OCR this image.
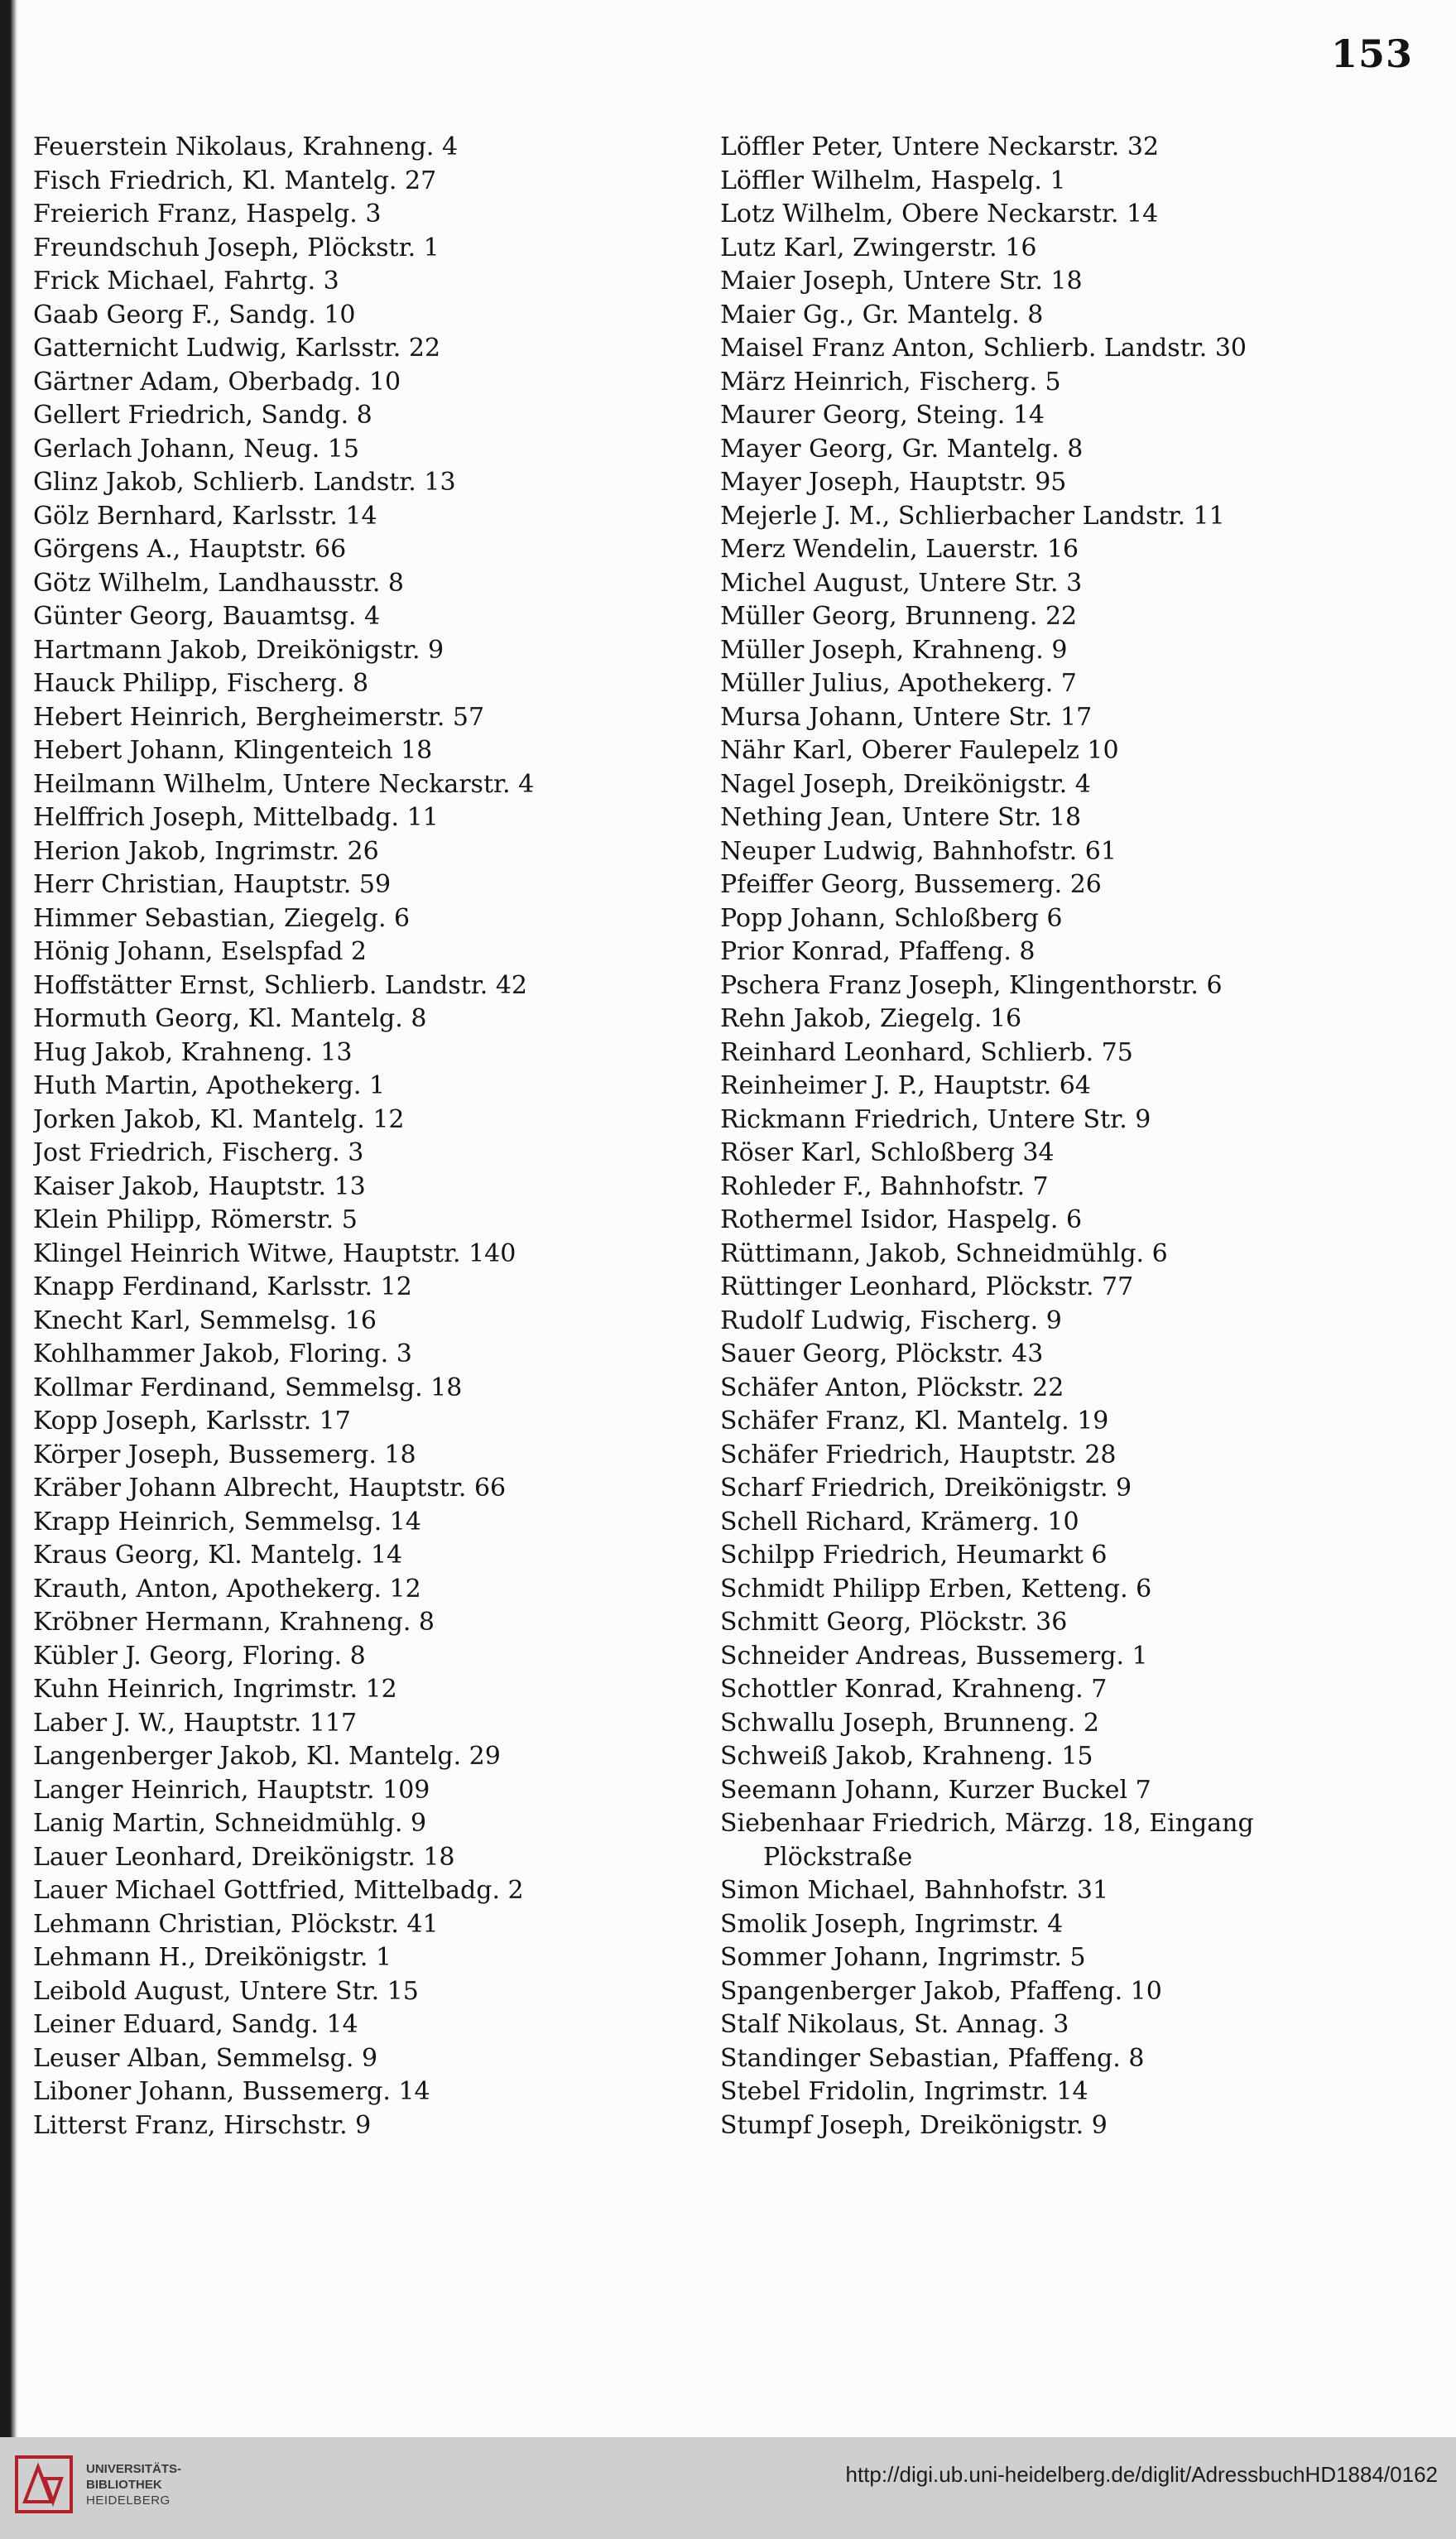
153
Feuerstein Nikolaus, Krahneng. 4
Fisch Friedrich, Kl. Mantelg. 27
Freierich Franz, Haspelg. 3
Freundschuh Joseph, Plöckstr. 1
Frick Michael, Fahrtg. 3
Gaab Georg F., Sandg. 10
Gatternicht Ludwig, Karlsstr. 22
Gärtner Adam, Oberbadg. 10
Gellert Friedrich, Sandg. 8
Gerlach Johann, Neug. 15
Glinz Jakob, Schlierb. Landstr. 13
Gölz Bernhard, Karlsstr. 14
Görgens A., Hauptstr. 66
Götz Wilhelm, Landhausstr. 8
Günter Georg, Bauamtsg. 4
Hartmann Jakob, Dreikönigstr. 9
Hauck Philipp, Fischerg. 8
Hebert Heinrich, Bergheimerstr. 57
Hebert Johann, Klingenteich 18
Heilmann Wilhelm, Untere Neckarstr. 4
Helffrich Joseph, Mittelbadg. 11
Herion Jakob, Ingrimstr. 26
Herr Christian, Hauptstr. 59
Himmer Sebastian, Ziegelg. 6
Hönig Johann, Eselspfad 2
Hoffstätter Ernst, Schlierb. Landstr. 42
Hormuth Georg, Kl. Mantelg. 8
Hug Jakob, Krahneng. 13
Huth Martin, Apothekerg. 1
Jorken Jakob, Kl. Mantelg. 12
Jost Friedrich, Fischerg. 3
Kaiser Jakob, Hauptstr. 13
Klein Philipp, Römerstr. 5
Klingel Heinrich Witwe, Hauptstr. 140
Knapp Ferdinand, Karlsstr. 12
Knecht Karl, Semmelsg. 16
Kohlhammer Jakob, Floring. 3
Kollmar Ferdinand, Semmelsg. 18
Kopp Joseph, Karlsstr. 17
Körper Joseph, Bussemerg. 18
Kräber Johann Albrecht, Hauptstr. 66
Krapp Heinrich, Semmelsg. 14
Kraus Georg, Kl. Mantelg. 14
Krauth, Anton, Apothekerg. 12
Kröbner Hermann, Krahneng. 8
Kübler J. Georg, Floring. 8
Kuhn Heinrich, Ingrimstr. 12
Laber J. W., Hauptstr. 117
Langenberger Jakob, Kl. Mantelg. 29
Langer Heinrich, Hauptstr. 109
Lanig Martin, Schneidmühlg. 9
Lauer Leonhard, Dreikönigstr. 18
Lauer Michael Gottfried, Mittelbadg. 2
Lehmann Christian, Plöckstr. 41
Lehmann H., Dreikönigstr. 1
Leibold August, Untere Str. 15
Leiner Eduard, Sandg. 14
Leuser Alban, Semmelsg. 9
Liboner Johann, Bussemerg. 14
Litterst Franz, Hirschstr. 9
Löffler Peter, Untere Neckarstr. 32
Löffler Wilhelm, Haspelg. 1
Lotz Wilhelm, Obere Neckarstr. 14
Lutz Karl, Zwingerstr. 16
Maier Joseph, Untere Str. 18
Maier Gg., Gr. Mantelg. 8
Maisel Franz Anton, Schlierb. Landstr. 30
März Heinrich, Fischerg. 5
Maurer Georg, Steing. 14
Mayer Georg, Gr. Mantelg. 8
Mayer Joseph, Hauptstr. 95
Mejerle J. M., Schlierbacher Landstr. 11
Merz Wendelin, Lauerstr. 16
Michel August, Untere Str. 3
Müller Georg, Brunneng. 22
Müller Joseph, Krahneng. 9
Müller Julius, Apothekerg. 7
Mursa Johann, Untere Str. 17
Nähr Karl, Oberer Faulepelz 10
Nagel Joseph, Dreikönigstr. 4
Nething Jean, Untere Str. 18
Neuper Ludwig, Bahnhofstr. 61
Pfeiffer Georg, Bussemerg. 26
Popp Johann, Schloßberg 6
Prior Konrad, Pfaffeng. 8
Pschera Franz Joseph, Klingenthorstr. 6
Rehn Jakob, Ziegelg. 16
Reinhard Leonhard, Schlierb. 75
Reinheimer J. P., Hauptstr. 64
Rickmann Friedrich, Untere Str. 9
Röser Karl, Schloßberg 34
Rohleder F., Bahnhofstr. 7
Rothermel Isidor, Haspelg. 6
Rüttimann, Jakob, Schneidmühlg. 6
Rüttinger Leonhard, Plöckstr. 77
Rudolf Ludwig, Fischerg. 9
Sauer Georg, Plöckstr. 43
Schäfer Anton, Plöckstr. 22
Schäfer Franz, Kl. Mantelg. 19
Schäfer Friedrich, Hauptstr. 28
Scharf Friedrich, Dreikönigstr. 9
Schell Richard, Krämerg. 10
Schilpp Friedrich, Heumarkt 6
Schmidt Philipp Erben, Ketteng. 6
Schmitt Georg, Plöckstr. 36
Schneider Andreas, Bussemerg. 1
Schottler Konrad, Krahneng. 7
Schwallu Joseph, Brunneng. 2
Schweiß Jakob, Krahneng. 15
Seemann Johann, Kurzer Buckel 7
Siebenhaar Friedrich, Märzg. 18, Eingang
Plöckstraße
Simon Michael, Bahnhofstr. 31
Smolik Joseph, Ingrimstr. 4
Sommer Johann, Ingrimstr. 5
Spangenberger Jakob, Pfaffeng. 10
Stalf Nikolaus, St. Annag. 3
Standinger Sebastian, Pfaffeng. 8
Stebel Fridolin, Ingrimstr. 14
Stumpf Joseph, Dreikönigstr. 9
UNIVERSITÄTS-
BIBLIOTHEK
HEIDELBERG
http://digi.ub.uni-heidelberg.de/diglit/AdressbuchHD1884/0162
